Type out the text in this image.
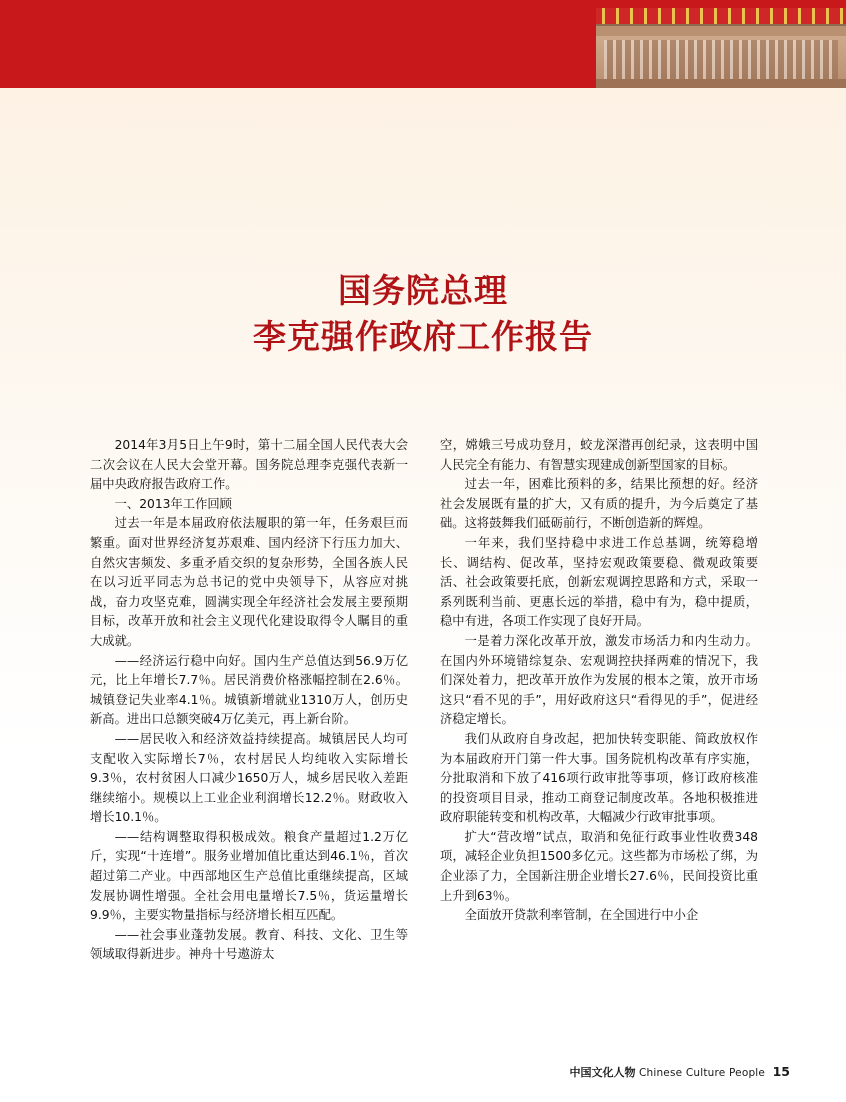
国务院总理
李克强作政府工作报告

2014年3月5日上午9时，第十二届全国人民代表大会二次会议在人民大会堂开幕。国务院总理李克强代表新一届中央政府报告政府工作。

一、2013年工作回顾

过去一年是本届政府依法履职的第一年，任务艰巨而繁重。面对世界经济复苏艰难、国内经济下行压力加大、自然灾害频发、多重矛盾交织的复杂形势，全国各族人民在以习近平同志为总书记的党中央领导下，从容应对挑战，奋力攻坚克难，圆满实现全年经济社会发展主要预期目标，改革开放和社会主义现代化建设取得令人瞩目的重大成就。

——经济运行稳中向好。国内生产总值达到56.9万亿元，比上年增长7.7％。居民消费价格涨幅控制在2.6％。城镇登记失业率4.1％。城镇新增就业1310万人，创历史新高。进出口总额突破4万亿美元，再上新台阶。

——居民收入和经济效益持续提高。城镇居民人均可支配收入实际增长7％，农村居民人均纯收入实际增长9.3％，农村贫困人口减少1650万人，城乡居民收入差距继续缩小。规模以上工业企业利润增长12.2％。财政收入增长10.1％。

——结构调整取得积极成效。粮食产量超过1.2万亿斤，实现“十连增”。服务业增加值比重达到46.1％，首次超过第二产业。中西部地区生产总值比重继续提高，区域发展协调性增强。全社会用电量增长7.5％，货运量增长9.9％，主要实物量指标与经济增长相互匹配。

——社会事业蓬勃发展。教育、科技、文化、卫生等领域取得新进步。神舟十号遨游太

空，嫦娥三号成功登月，蛟龙深潜再创纪录，这表明中国人民完全有能力、有智慧实现建成创新型国家的目标。

过去一年，困难比预料的多，结果比预想的好。经济社会发展既有量的扩大，又有质的提升，为今后奠定了基础。这将鼓舞我们砥砺前行，不断创造新的辉煌。

一年来，我们坚持稳中求进工作总基调，统筹稳增长、调结构、促改革，坚持宏观政策要稳、微观政策要活、社会政策要托底，创新宏观调控思路和方式，采取一系列既利当前、更惠长远的举措，稳中有为，稳中提质，稳中有进，各项工作实现了良好开局。

一是着力深化改革开放，激发市场活力和内生动力。在国内外环境错综复杂、宏观调控抉择两难的情况下，我们深处着力，把改革开放作为发展的根本之策，放开市场这只“看不见的手”，用好政府这只“看得见的手”，促进经济稳定增长。

我们从政府自身改起，把加快转变职能、简政放权作为本届政府开门第一件大事。国务院机构改革有序实施，分批取消和下放了416项行政审批等事项，修订政府核准的投资项目目录，推动工商登记制度改革。各地积极推进政府职能转变和机构改革，大幅减少行政审批事项。

扩大“营改增”试点，取消和免征行政事业性收费348项，减轻企业负担1500多亿元。这些都为市场松了绑，为企业添了力，全国新注册企业增长27.6％，民间投资比重上升到63％。

全面放开贷款利率管制，在全国进行中小企

中国文化人物 Chinese Culture People 15
